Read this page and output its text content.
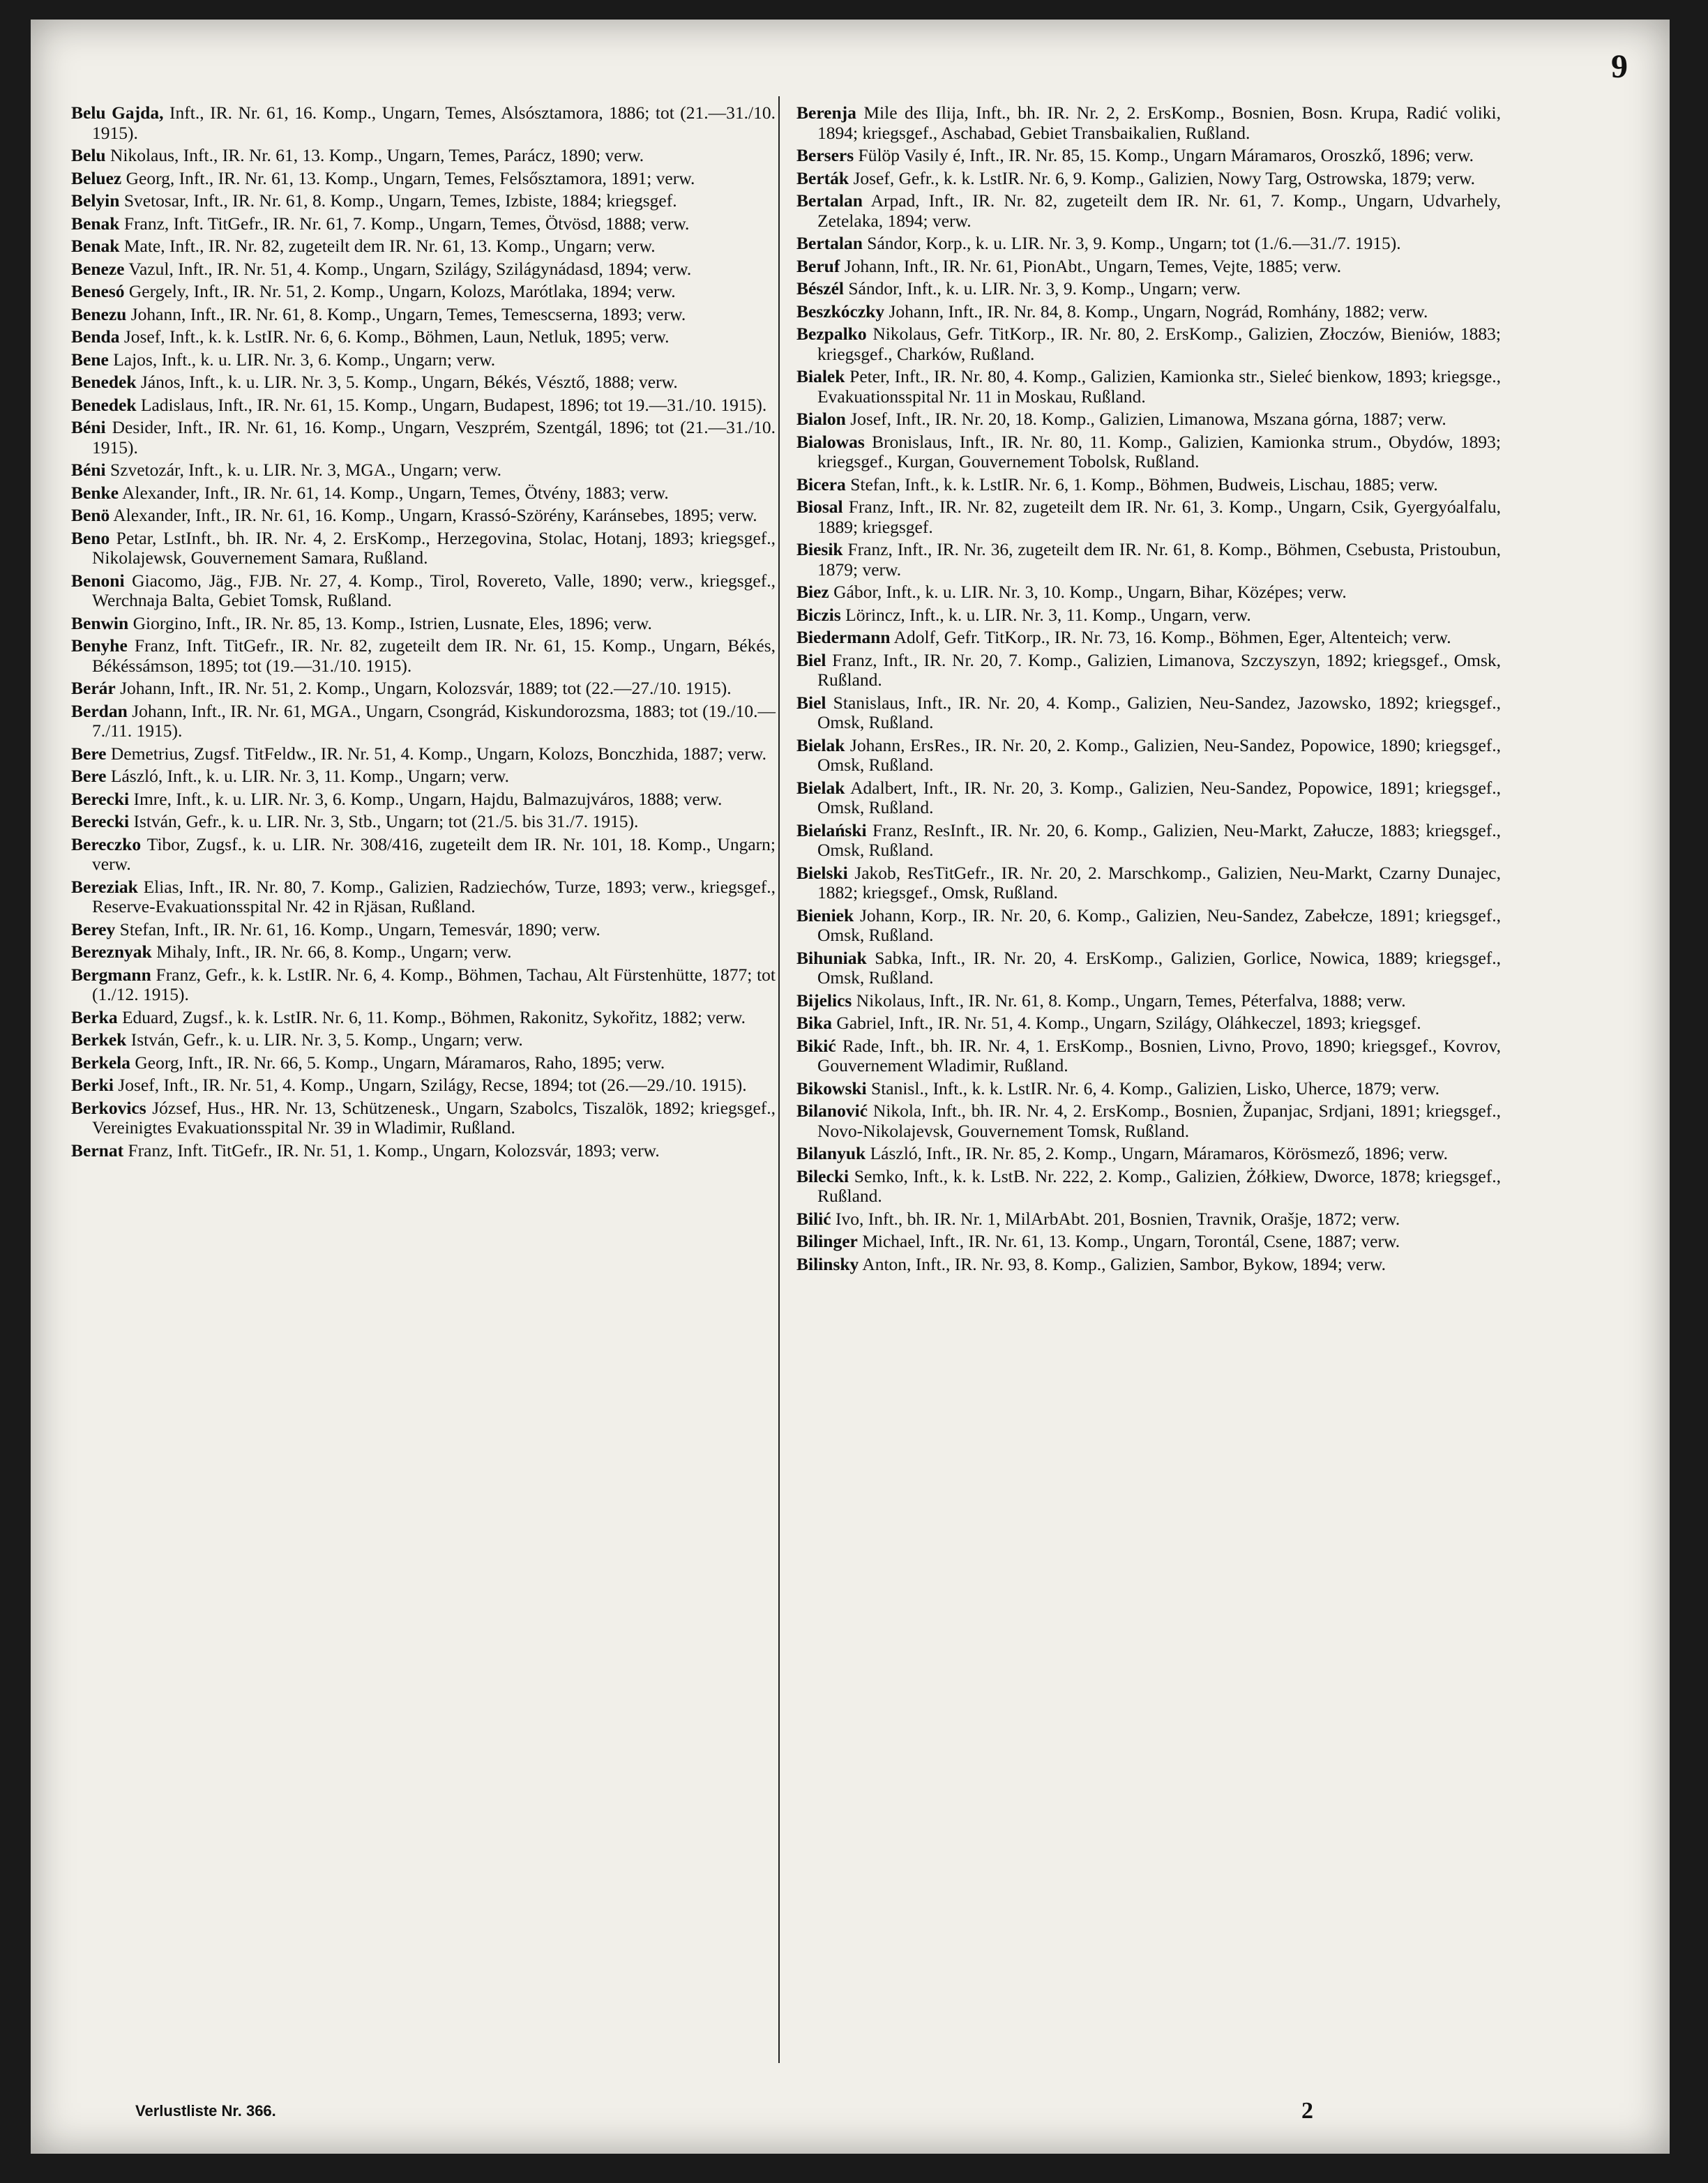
9

Belu Gajda, Inft., IR. Nr. 61, 16. Komp., Ungarn, Temes, Alsósztamora, 1886; tot (21.—31./10. 1915).

Belu Nikolaus, Inft., IR. Nr. 61, 13. Komp., Ungarn, Temes, Parácz, 1890; verw.

Beluez Georg, Inft., IR. Nr. 61, 13. Komp., Ungarn, Temes, Felsősztamora, 1891; verw.

Belyin Svetosar, Inft., IR. Nr. 61, 8. Komp., Ungarn, Temes, Izbiste, 1884; kriegsgef.

Benak Franz, Inft. TitGefr., IR. Nr. 61, 7. Komp., Ungarn, Temes, Ötvösd, 1888; verw.

Benak Mate, Inft., IR. Nr. 82, zugeteilt dem IR. Nr. 61, 13. Komp., Ungarn; verw.

Beneze Vazul, Inft., IR. Nr. 51, 4. Komp., Ungarn, Szilágy, Szilágynádasd, 1894; verw.

Benesó Gergely, Inft., IR. Nr. 51, 2. Komp., Ungarn, Kolozs, Marótlaka, 1894; verw.

Benezu Johann, Inft., IR. Nr. 61, 8. Komp., Ungarn, Temes, Temescserna, 1893; verw.

Benda Josef, Inft., k. k. LstIR. Nr. 6, 6. Komp., Böhmen, Laun, Netluk, 1895; verw.

Bene Lajos, Inft., k. u. LIR. Nr. 3, 6. Komp., Ungarn; verw.

Benedek János, Inft., k. u. LIR. Nr. 3, 5. Komp., Ungarn, Békés, Vésztő, 1888; verw.

Benedek Ladislaus, Inft., IR. Nr. 61, 15. Komp., Ungarn, Budapest, 1896; tot 19.—31./10. 1915).

Béni Desider, Inft., IR. Nr. 61, 16. Komp., Ungarn, Veszprém, Szentgál, 1896; tot (21.—31./10. 1915).

Béni Szvetozár, Inft., k. u. LIR. Nr. 3, MGA., Ungarn; verw.

Benke Alexander, Inft., IR. Nr. 61, 14. Komp., Ungarn, Temes, Ötvény, 1883; verw.

Benö Alexander, Inft., IR. Nr. 61, 16. Komp., Ungarn, Krassó-Szörény, Karánsebes, 1895; verw.

Beno Petar, LstInft., bh. IR. Nr. 4, 2. ErsKomp., Herzegovina, Stolac, Hotanj, 1893; kriegsgef., Nikolajewsk, Gouvernement Samara, Rußland.

Benoni Giacomo, Jäg., FJB. Nr. 27, 4. Komp., Tirol, Rovereto, Valle, 1890; verw., kriegsgef., Werchnaja Balta, Gebiet Tomsk, Rußland.

Benwin Giorgino, Inft., IR. Nr. 85, 13. Komp., Istrien, Lusnate, Eles, 1896; verw.

Benyhe Franz, Inft. TitGefr., IR. Nr. 82, zugeteilt dem IR. Nr. 61, 15. Komp., Ungarn, Békés, Békéssámson, 1895; tot (19.—31./10. 1915).

Berár Johann, Inft., IR. Nr. 51, 2. Komp., Ungarn, Kolozsvár, 1889; tot (22.—27./10. 1915).

Berdan Johann, Inft., IR. Nr. 61, MGA., Ungarn, Csongrád, Kiskundorozsma, 1883; tot (19./10.—7./11. 1915).

Bere Demetrius, Zugsf. TitFeldw., IR. Nr. 51, 4. Komp., Ungarn, Kolozs, Bonczhida, 1887; verw.

Bere László, Inft., k. u. LIR. Nr. 3, 11. Komp., Ungarn; verw.

Berecki Imre, Inft., k. u. LIR. Nr. 3, 6. Komp., Ungarn, Hajdu, Balmazujváros, 1888; verw.

Berecki István, Gefr., k. u. LIR. Nr. 3, Stb., Ungarn; tot (21./5. bis 31./7. 1915).

Bereczko Tibor, Zugsf., k. u. LIR. Nr. 308/416, zugeteilt dem IR. Nr. 101, 18. Komp., Ungarn; verw.

Bereziak Elias, Inft., IR. Nr. 80, 7. Komp., Galizien, Radziechów, Turze, 1893; verw., kriegsgef., Reserve-Evakuationsspital Nr. 42 in Rjäsan, Rußland.

Berey Stefan, Inft., IR. Nr. 61, 16. Komp., Ungarn, Temesvár, 1890; verw.

Bereznyak Mihaly, Inft., IR. Nr. 66, 8. Komp., Ungarn; verw.

Bergmann Franz, Gefr., k. k. LstIR. Nr. 6, 4. Komp., Böhmen, Tachau, Alt Fürstenhütte, 1877; tot (1./12. 1915).

Berka Eduard, Zugsf., k. k. LstIR. Nr. 6, 11. Komp., Böhmen, Rakonitz, Sykořitz, 1882; verw.

Berkek István, Gefr., k. u. LIR. Nr. 3, 5. Komp., Ungarn; verw.

Berkela Georg, Inft., IR. Nr. 66, 5. Komp., Ungarn, Máramaros, Raho, 1895; verw.

Berki Josef, Inft., IR. Nr. 51, 4. Komp., Ungarn, Szilágy, Recse, 1894; tot (26.—29./10. 1915).

Berkovics József, Hus., HR. Nr. 13, Schützenesk., Ungarn, Szabolcs, Tiszalök, 1892; kriegsgef., Vereinigtes Evakuationsspital Nr. 39 in Wladimir, Rußland.

Bernat Franz, Inft. TitGefr., IR. Nr. 51, 1. Komp., Ungarn, Kolozsvár, 1893; verw.

Berenja Mile des Ilija, Inft., bh. IR. Nr. 2, 2. ErsKomp., Bosnien, Bosn. Krupa, Radić voliki, 1894; kriegsgef., Aschabad, Gebiet Transbaikalien, Rußland.

Bersers Fülöp Vasily é, Inft., IR. Nr. 85, 15. Komp., Ungarn Máramaros, Oroszkő, 1896; verw.

Berták Josef, Gefr., k. k. LstIR. Nr. 6, 9. Komp., Galizien, Nowy Targ, Ostrowska, 1879; verw.

Bertalan Arpad, Inft., IR. Nr. 82, zugeteilt dem IR. Nr. 61, 7. Komp., Ungarn, Udvarhely, Zetelaka, 1894; verw.

Bertalan Sándor, Korp., k. u. LIR. Nr. 3, 9. Komp., Ungarn; tot (1./6.—31./7. 1915).

Beruf Johann, Inft., IR. Nr. 61, PionAbt., Ungarn, Temes, Vejte, 1885; verw.

Bészél Sándor, Inft., k. u. LIR. Nr. 3, 9. Komp., Ungarn; verw.

Beszkóczky Johann, Inft., IR. Nr. 84, 8. Komp., Ungarn, Nográd, Romhány, 1882; verw.

Bezpalko Nikolaus, Gefr. TitKorp., IR. Nr. 80, 2. ErsKomp., Galizien, Złoczów, Bieniów, 1883; kriegsgef., Charków, Rußland.

Bialek Peter, Inft., IR. Nr. 80, 4. Komp., Galizien, Kamionka str., Sieleć bienkow, 1893; kriegsge., Evakuationsspital Nr. 11 in Moskau, Rußland.

Bialon Josef, Inft., IR. Nr. 20, 18. Komp., Galizien, Limanowa, Mszana górna, 1887; verw.

Bialowas Bronislaus, Inft., IR. Nr. 80, 11. Komp., Galizien, Kamionka strum., Obydów, 1893; kriegsgef., Kurgan, Gouvernement Tobolsk, Rußland.

Bicera Stefan, Inft., k. k. LstIR. Nr. 6, 1. Komp., Böhmen, Budweis, Lischau, 1885; verw.

Biosal Franz, Inft., IR. Nr. 82, zugeteilt dem IR. Nr. 61, 3. Komp., Ungarn, Csik, Gyergyóalfalu, 1889; kriegsgef.

Biesik Franz, Inft., IR. Nr. 36, zugeteilt dem IR. Nr. 61, 8. Komp., Böhmen, Csebusta, Pristoubun, 1879; verw.

Biez Gábor, Inft., k. u. LIR. Nr. 3, 10. Komp., Ungarn, Bihar, Középes; verw.

Biczis Lörincz, Inft., k. u. LIR. Nr. 3, 11. Komp., Ungarn, verw.

Biedermann Adolf, Gefr. TitKorp., IR. Nr. 73, 16. Komp., Böhmen, Eger, Altenteich; verw.

Biel Franz, Inft., IR. Nr. 20, 7. Komp., Galizien, Limanova, Szczyszyn, 1892; kriegsgef., Omsk, Rußland.

Biel Stanislaus, Inft., IR. Nr. 20, 4. Komp., Galizien, Neu-Sandez, Jazowsko, 1892; kriegsgef., Omsk, Rußland.

Bielak Johann, ErsRes., IR. Nr. 20, 2. Komp., Galizien, Neu-Sandez, Popowice, 1890; kriegsgef., Omsk, Rußland.

Bielak Adalbert, Inft., IR. Nr. 20, 3. Komp., Galizien, Neu-Sandez, Popowice, 1891; kriegsgef., Omsk, Rußland.

Bielański Franz, ResInft., IR. Nr. 20, 6. Komp., Galizien, Neu-Markt, Załucze, 1883; kriegsgef., Omsk, Rußland.

Bielski Jakob, ResTitGefr., IR. Nr. 20, 2. Marschkomp., Galizien, Neu-Markt, Czarny Dunajec, 1882; kriegsgef., Omsk, Rußland.

Bieniek Johann, Korp., IR. Nr. 20, 6. Komp., Galizien, Neu-Sandez, Zabełcze, 1891; kriegsgef., Omsk, Rußland.

Bihuniak Sabka, Inft., IR. Nr. 20, 4. ErsKomp., Galizien, Gorlice, Nowica, 1889; kriegsgef., Omsk, Rußland.

Bijelics Nikolaus, Inft., IR. Nr. 61, 8. Komp., Ungarn, Temes, Péterfalva, 1888; verw.

Bika Gabriel, Inft., IR. Nr. 51, 4. Komp., Ungarn, Szilágy, Oláhkeczel, 1893; kriegsgef.

Bikić Rade, Inft., bh. IR. Nr. 4, 1. ErsKomp., Bosnien, Livno, Provo, 1890; kriegsgef., Kovrov, Gouvernement Wladimir, Rußland.

Bikowski Stanisl., Inft., k. k. LstIR. Nr. 6, 4. Komp., Galizien, Lisko, Uherce, 1879; verw.

Bilanović Nikola, Inft., bh. IR. Nr. 4, 2. ErsKomp., Bosnien, Županjac, Srdjani, 1891; kriegsgef., Novo-Nikolajevsk, Gouvernement Tomsk, Rußland.

Bilanyuk László, Inft., IR. Nr. 85, 2. Komp., Ungarn, Máramaros, Körösmező, 1896; verw.

Bilecki Semko, Inft., k. k. LstB. Nr. 222, 2. Komp., Galizien, Żółkiew, Dworce, 1878; kriegsgef., Rußland.

Bilić Ivo, Inft., bh. IR. Nr. 1, MilArbAbt. 201, Bosnien, Travnik, Orašje, 1872; verw.

Bilinger Michael, Inft., IR. Nr. 61, 13. Komp., Ungarn, Torontál, Csene, 1887; verw.

Bilinsky Anton, Inft., IR. Nr. 93, 8. Komp., Galizien, Sambor, Bykow, 1894; verw.

Verlustliste Nr. 366.	2
